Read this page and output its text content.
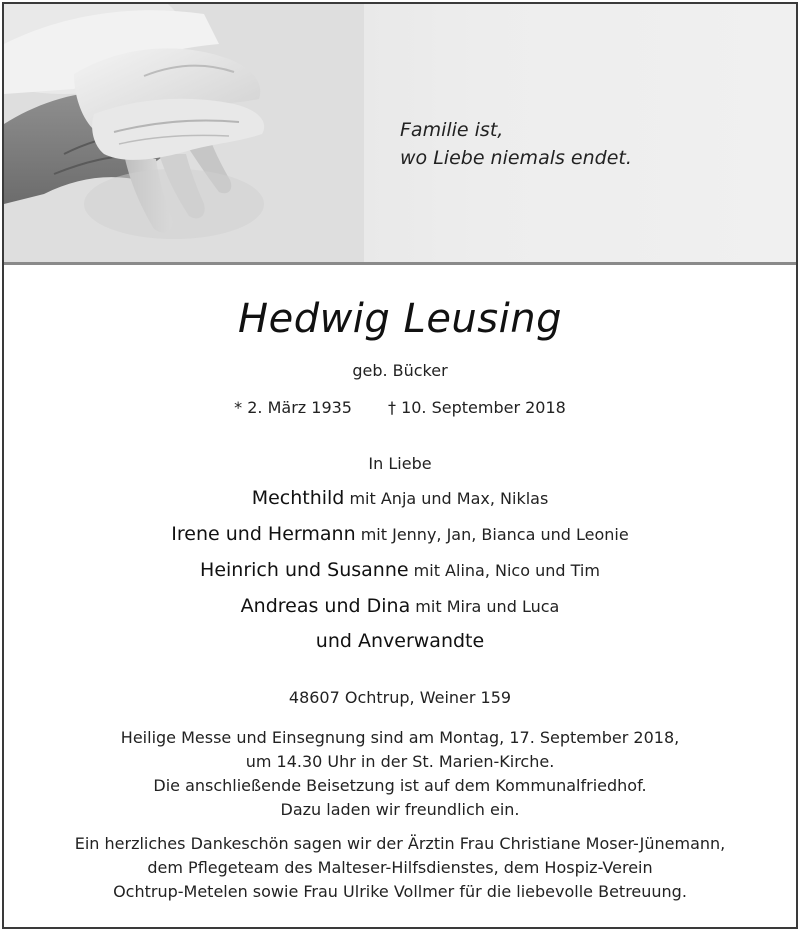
Familie ist,
wo Liebe niemals endet.
Hedwig Leusing
geb. Bücker
* 2. März 1935 † 10. September 2018
In Liebe
Mechthild mit Anja und Max, Niklas
Irene und Hermann mit Jenny, Jan, Bianca und Leonie
Heinrich und Susanne mit Alina, Nico und Tim
Andreas und Dina mit Mira und Luca
und Anverwandte
48607 Ochtrup, Weiner 159
Heilige Messe und Einsegnung sind am Montag, 17. September 2018,
um 14.30 Uhr in der St. Marien-Kirche.
Die anschließende Beisetzung ist auf dem Kommunalfriedhof.
Dazu laden wir freundlich ein.
Ein herzliches Dankeschön sagen wir der Ärztin Frau Christiane Moser-Jünemann,
dem Pflegeteam des Malteser-Hilfsdienstes, dem Hospiz-Verein
Ochtrup-Metelen sowie Frau Ulrike Vollmer für die liebevolle Betreuung.
